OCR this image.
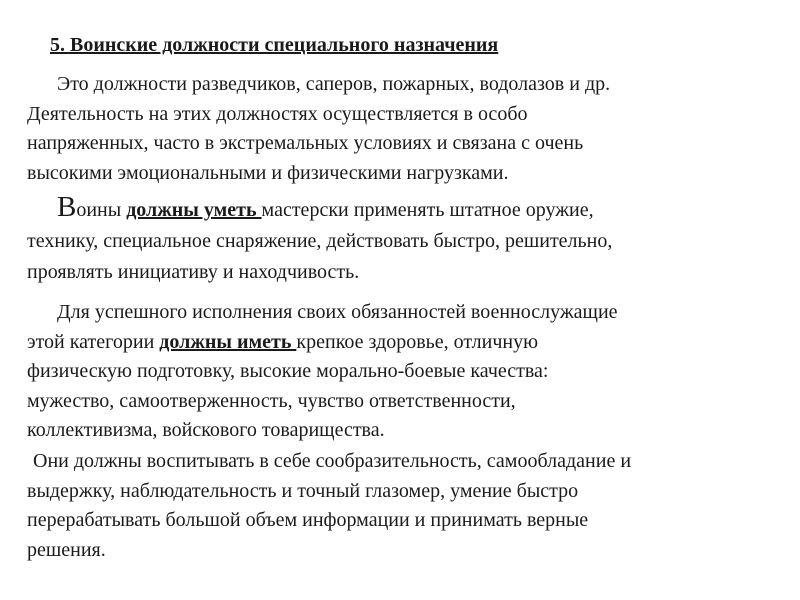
5. Воинские должности специального назначения
Это должности разведчиков, саперов, пожарных, водолазов и др.
Деятельность на этих должностях осуществляется в особо
напряженных, часто в экстремальных условиях и связана с очень
высокими эмоциональными и физическими нагрузками.
Воины должны уметь мастерски применять штатное оружие,
технику, специальное снаряжение, действовать быстро, решительно,
проявлять инициативу и находчивость.
Для успешного исполнения своих обязанностей военнослужащие
этой категории должны иметь крепкое здоровье, отличную
физическую подготовку, высокие морально-боевые качества:
мужество, самоотверженность, чувство ответственности,
коллективизма, войскового товарищества.
Они должны воспитывать в себе сообразительность, самообладание и
выдержку, наблюдательность и точный глазомер, умение быстро
перерабатывать большой объем информации и принимать верные
решения.
